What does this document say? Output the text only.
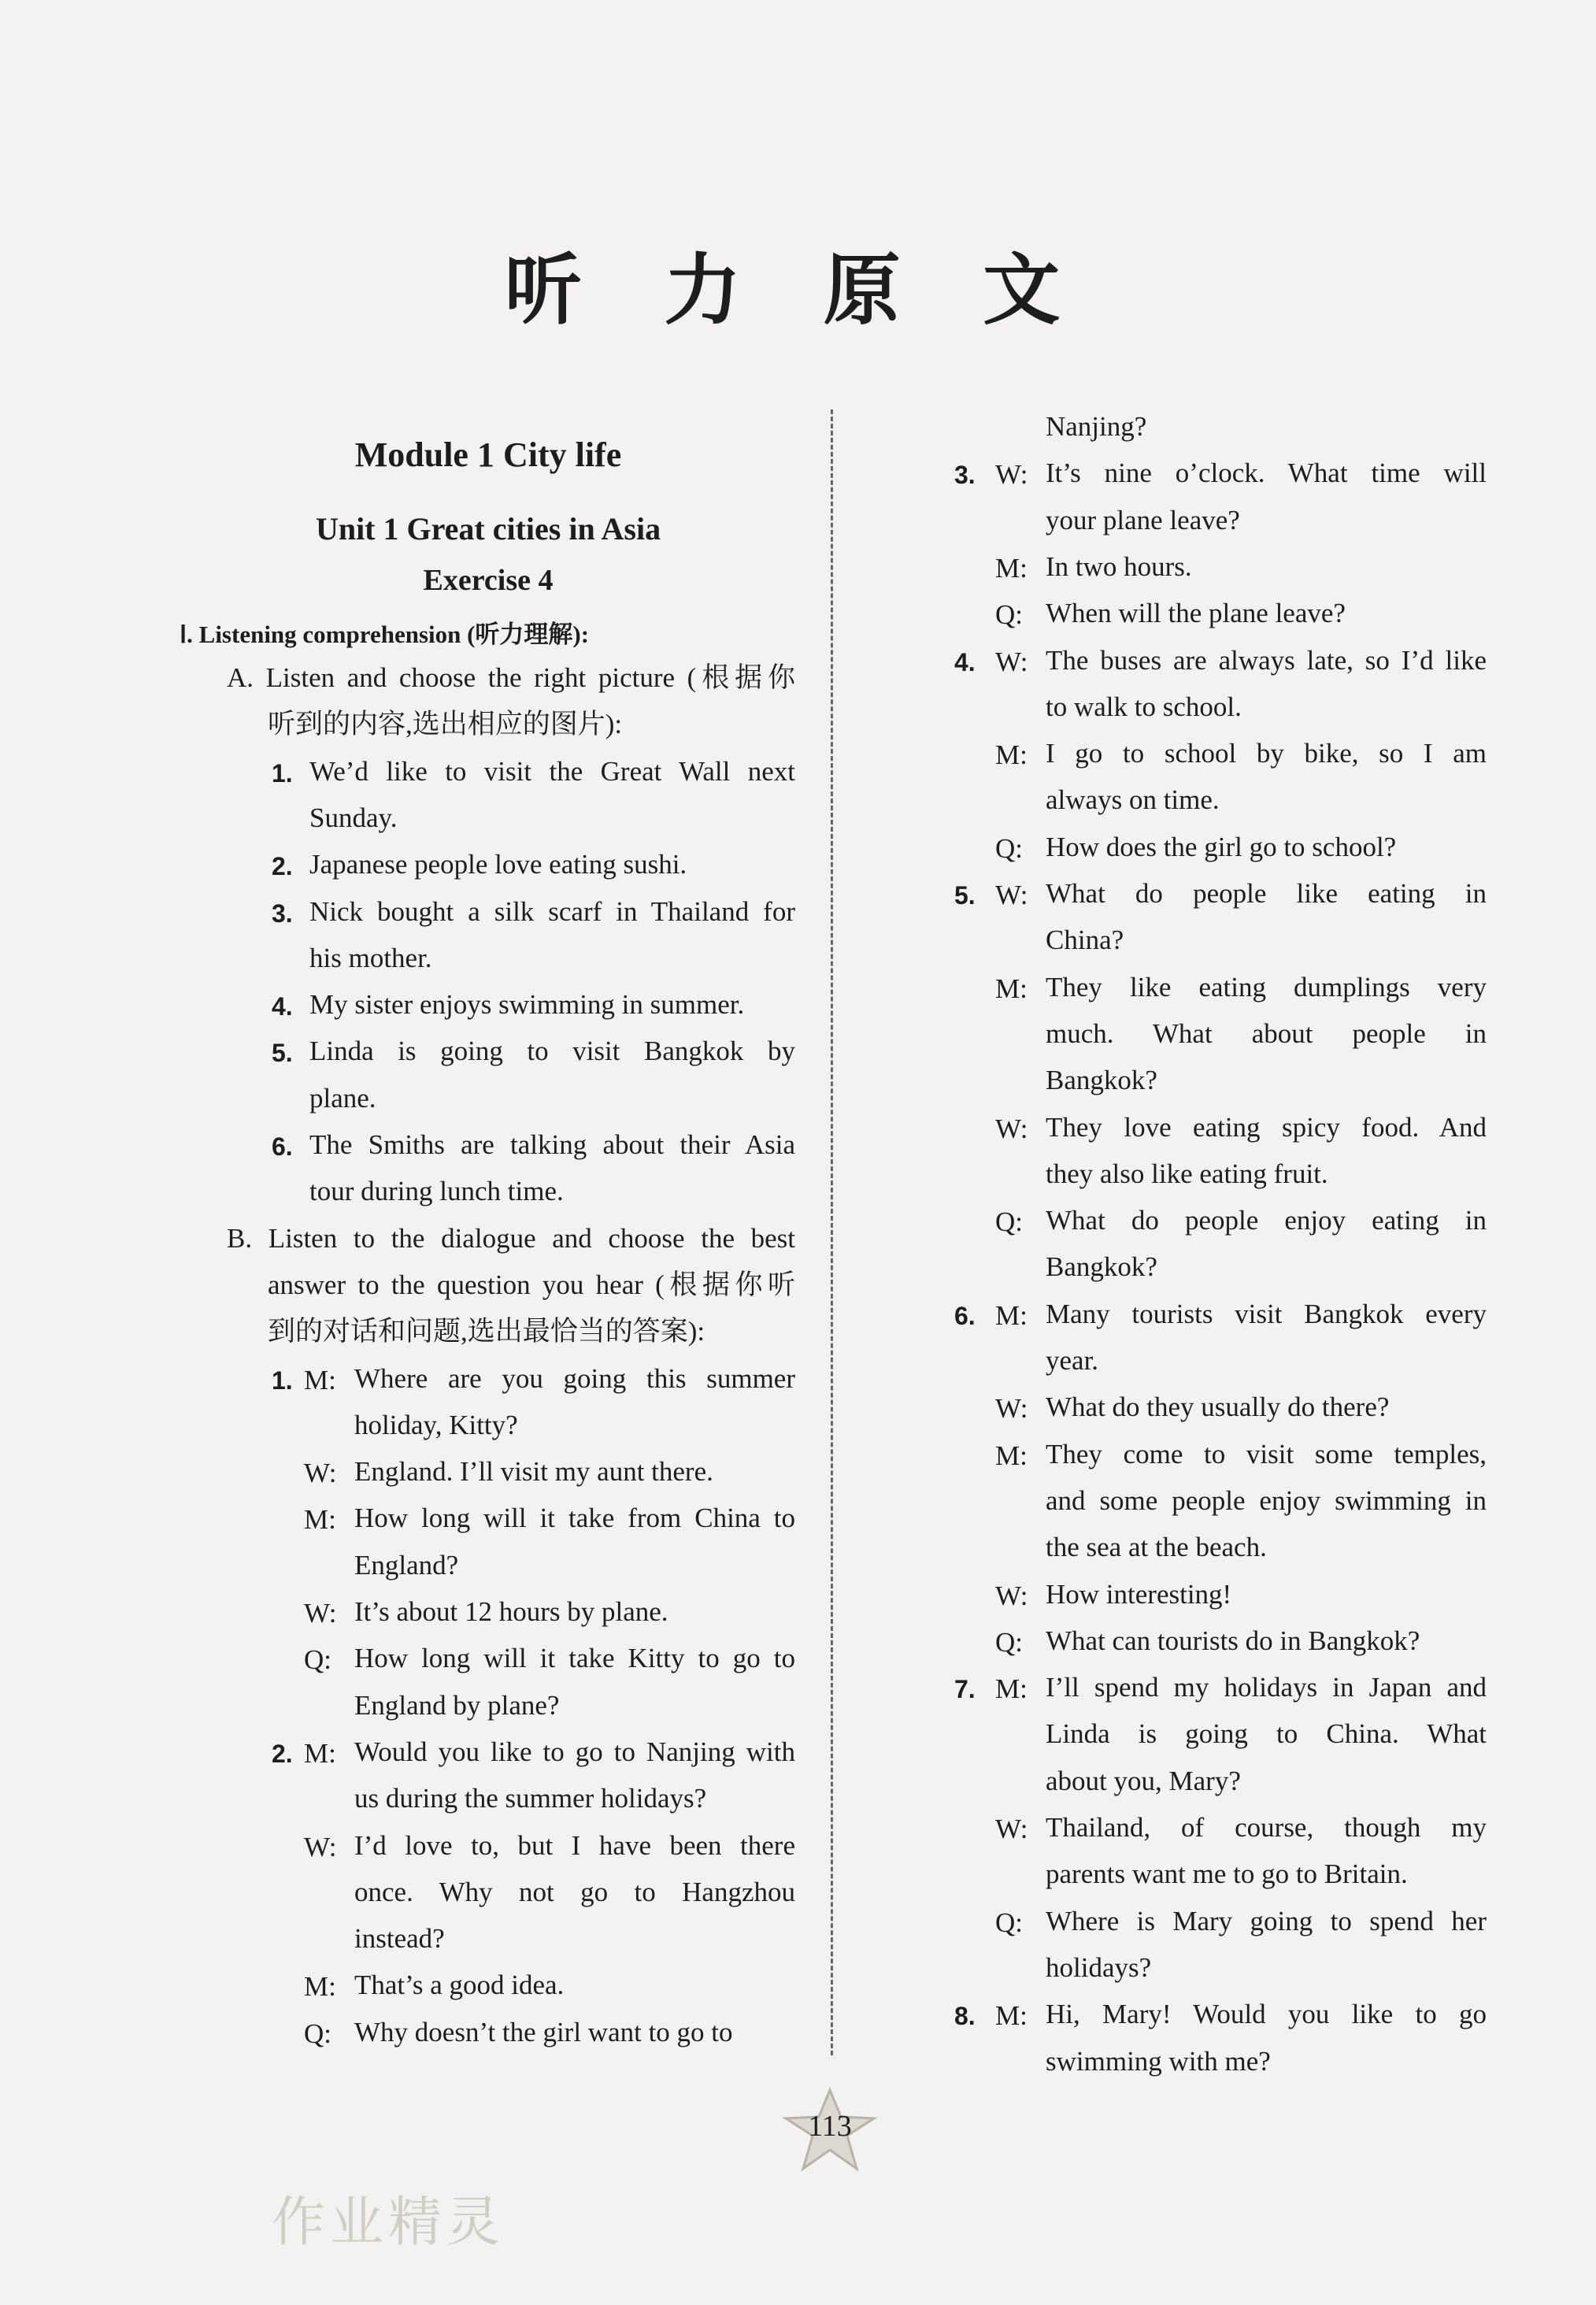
听 力 原 文
Module 1 City life
Unit 1 Great cities in Asia
Exercise 4
Ⅰ. Listening comprehension (听力理解):
A. Listen and choose the right picture (根据你
听到的内容,选出相应的图片):
1. We’d like to visit the Great Wall next
Sunday.
2. Japanese people love eating sushi.
3. Nick bought a silk scarf in Thailand for
his mother.
4. My sister enjoys swimming in summer.
5. Linda is going to visit Bangkok by
plane.
6. The Smiths are talking about their Asia
tour during lunch time.
B. Listen to the dialogue and choose the best
answer to the question you hear (根据你听
到的对话和问题,选出最恰当的答案):
1. M: Where are you going this summer
holiday, Kitty?
W: England. I’ll visit my aunt there.
M: How long will it take from China to
England?
W: It’s about 12 hours by plane.
Q: How long will it take Kitty to go to
England by plane?
2. M: Would you like to go to Nanjing with
us during the summer holidays?
W: I’d love to, but I have been there
once. Why not go to Hangzhou
instead?
M: That’s a good idea.
Q: Why doesn’t the girl want to go to
Nanjing?
3. W: It’s nine o’clock. What time will
your plane leave?
M: In two hours.
Q: When will the plane leave?
4. W: The buses are always late, so I’d like
to walk to school.
M: I go to school by bike, so I am
always on time.
Q: How does the girl go to school?
5. W: What do people like eating in
China?
M: They like eating dumplings very
much. What about people in
Bangkok?
W: They love eating spicy food. And
they also like eating fruit.
Q: What do people enjoy eating in
Bangkok?
6. M: Many tourists visit Bangkok every
year.
W: What do they usually do there?
M: They come to visit some temples,
and some people enjoy swimming in
the sea at the beach.
W: How interesting!
Q: What can tourists do in Bangkok?
7. M: I’ll spend my holidays in Japan and
Linda is going to China. What
about you, Mary?
W: Thailand, of course, though my
parents want me to go to Britain.
Q: Where is Mary going to spend her
holidays?
8. M: Hi, Mary! Would you like to go
swimming with me?
113
作业精灵
